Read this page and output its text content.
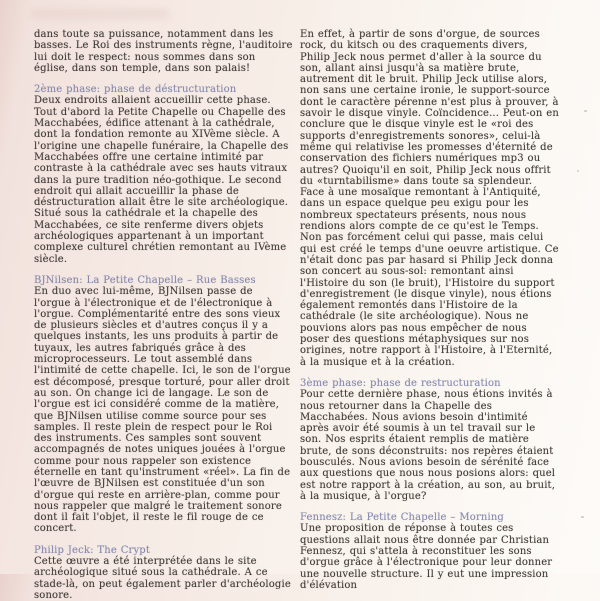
dans toute sa puissance, notamment dans les basses. Le Roi des instruments règne, l'auditoire lui doit le respect: nous sommes dans son église, dans son temple, dans son palais!

2ème phase: phase de déstructuration

Deux endroits allaient accueillir cette phase. Tout d'abord la Petite Chapelle ou Chapelle des Macchabées, édifice attenant à la cathédrale, dont la fondation remonte au XIVème siècle. A l'origine une chapelle funéraire, la Chapelle des Macchabées offre une certaine intimité par contraste à la cathédrale avec ses hauts vitraux dans la pure tradition néo-gothique. Le second endroit qui allait accueillir la phase de déstructuration allait être le site archéologique. Situé sous la cathédrale et la chapelle des Macchabées, ce site renferme divers objets archéologiques appartenant à un important complexe culturel chrétien remontant au IVème siècle.

BJNilsen: La Petite Chapelle – Rue Basses

En duo avec lui-même, BJNilsen passe de l'orgue à l'électronique et de l'électronique à l'orgue. Complémentarité entre des sons vieux de plusieurs siècles et d'autres conçus il y a quelques instants, les uns produits à partir de tuyaux, les autres fabriqués grâce à des microprocesseurs. Le tout assemblé dans l'intimité de cette chapelle. Ici, le son de l'orgue est décomposé, presque torturé, pour aller droit au son. On change ici de langage. Le son de l'orgue est ici considéré comme de la matière, que BJNilsen utilise comme source pour ses samples. Il reste plein de respect pour le Roi des instruments. Ces samples sont souvent accompagnés de notes uniques jouées à l'orgue comme pour nous rappeler son existence éternelle en tant qu'instrument «réel». La fin de l'œuvre de BJNilsen est constituée d'un son d'orgue qui reste en arrière-plan, comme pour nous rappeler que malgré le traitement sonore dont il fait l'objet, il reste le fil rouge de ce concert.

Philip Jeck: The Crypt

Cette œuvre a été interprétée dans le site archéologique situé sous la cathédrale. A ce stade-là, on peut également parler d'archéologie sonore.

En effet, à partir de sons d'orgue, de sources rock, du kitsch ou des craquements divers, Philip Jeck nous permet d'aller à la source du son, allant ainsi jusqu'à sa matière brute, autrement dit le bruit. Philip Jeck utilise alors, non sans une certaine ironie, le support-source dont le caractère pérenne n'est plus à prouver, à savoir le disque vinyle. Coïncidence... Peut-on en conclure que le disque vinyle est le «roi des supports d'enregistrements sonores», celui-là même qui relativise les promesses d'éternité de conservation des fichiers numériques mp3 ou autres? Quoiqu'il en soit, Philip Jeck nous offrit du «turntabilisme» dans toute sa splendeur. Face à une mosaïque remontant à l'Antiquité, dans un espace quelque peu exigu pour les nombreux spectateurs présents, nous nous rendions alors compte de ce qu'est le Temps. Non pas forcément celui qui passe, mais celui qui est créé le temps d'une oeuvre artistique. Ce n'était donc pas par hasard si Philip Jeck donna son concert au sous-sol: remontant ainsi l'Histoire du son (le bruit), l'Histoire du support d'enregistrement (le disque vinyle), nous étions également remontés dans l'Histoire de la cathédrale (le site archéologique). Nous ne pouvions alors pas nous empêcher de nous poser des questions métaphysiques sur nos origines, notre rapport à l'Histoire, à l'Eternité, à la musique et à la création.

3ème phase: phase de restructuration

Pour cette dernière phase, nous étions invités à nous retourner dans la Chapelle des Macchabées. Nous avions besoin d'intimité après avoir été soumis à un tel travail sur le son. Nos esprits étaient remplis de matière brute, de sons déconstruits: nos repères étaient bousculés. Nous avions besoin de sérénité face aux questions que nous nous posions alors: quel est notre rapport à la création, au son, au bruit, à la musique, à l'orgue?

Fennesz: La Petite Chapelle – Morning

Une proposition de réponse à toutes ces questions allait nous être donnée par Christian Fennesz, qui s'attela à reconstituer les sons d'orgue grâce à l'électronique pour leur donner une nouvelle structure. Il y eut une impression d'élévation
